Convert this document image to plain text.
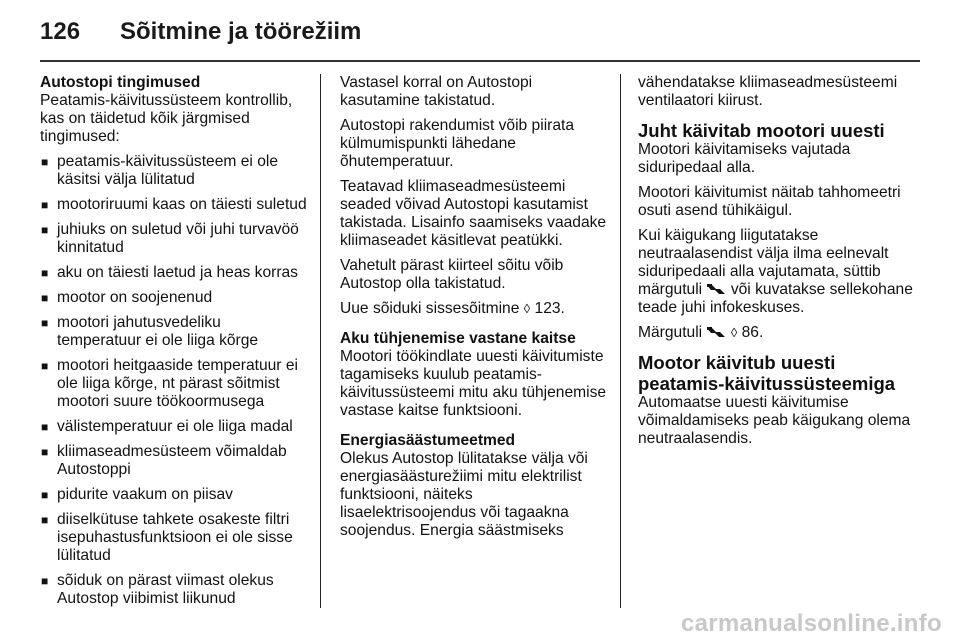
126 Sõitmine ja töörežiim

Autostopi tingimused

Peatamis-käivitussüsteem kontrollib, kas on täidetud kõik järgmised tingimused:

■ peatamis-käivitussüsteem ei ole käsitsi välja lülitatud
■ mootoriruumi kaas on täiesti suletud
■ juhiuks on suletud või juhi turvavöö kinnitatud
■ aku on täiesti laetud ja heas korras
■ mootor on soojenenud
■ mootori jahutusvedeliku temperatuur ei ole liiga kõrge
■ mootori heitgaaside temperatuur ei ole liiga kõrge, nt pärast sõitmist mootori suure töökoormusega
■ välistemperatuur ei ole liiga madal
■ kliimaseadmesüsteem võimaldab Autostoppi
■ pidurite vaakum on piisav
■ diiselkütuse tahkete osakeste filtri isepuhastusfunktsioon ei ole sisse lülitatud
■ sõiduk on pärast viimast olekus Autostop viibimist liikunud

Vastasel korral on Autostopi kasutamine takistatud.

Autostopi rakendumist võib piirata külmumispunkti lähedane õhutemperatuur.

Teatavad kliimaseadmesüsteemi seaded võivad Autostopi kasutamist takistada. Lisainfo saamiseks vaadake kliimaseadet käsitlevat peatükki.

Vahetult pärast kiirteel sõitu võib Autostop olla takistatud.

Uue sõiduki sissesõitmine ◊ 123.

Aku tühjenemise vastane kaitse

Mootori töökindlate uuesti käivitumiste tagamiseks kuulub peatamis-käivitussüsteemi mitu aku tühjenemise vastase kaitse funktsiooni.

Energiasäästumeetmed

Olekus Autostop lülitatakse välja või energiasäästurežiimi mitu elektrilist funktsiooni, näiteks lisaelektrisoojendus või tagaakna soojendus. Energia säästmiseks

vähendatakse kliimaseadmesüsteemi ventilaatori kiirust.

Juht käivitab mootori uuesti

Mootori käivitamiseks vajutada siduripedaal alla.

Mootori käivitumist näitab tahhomeetri osuti asend tühikäigul.

Kui käigukang liigutatakse neutraalasendist välja ilma eelnevalt siduripedaali alla vajutamata, süttib märgutuli või kuvatakse sellekohane teade juhi infokeskuses.

Märgutuli ◊ 86.

Mootor käivitub uuesti peatamis-käivitussüsteemiga

Automaatse uuesti käivitumise võimaldamiseks peab käigukang olema neutraalasendis.

carmanualsonline.info
